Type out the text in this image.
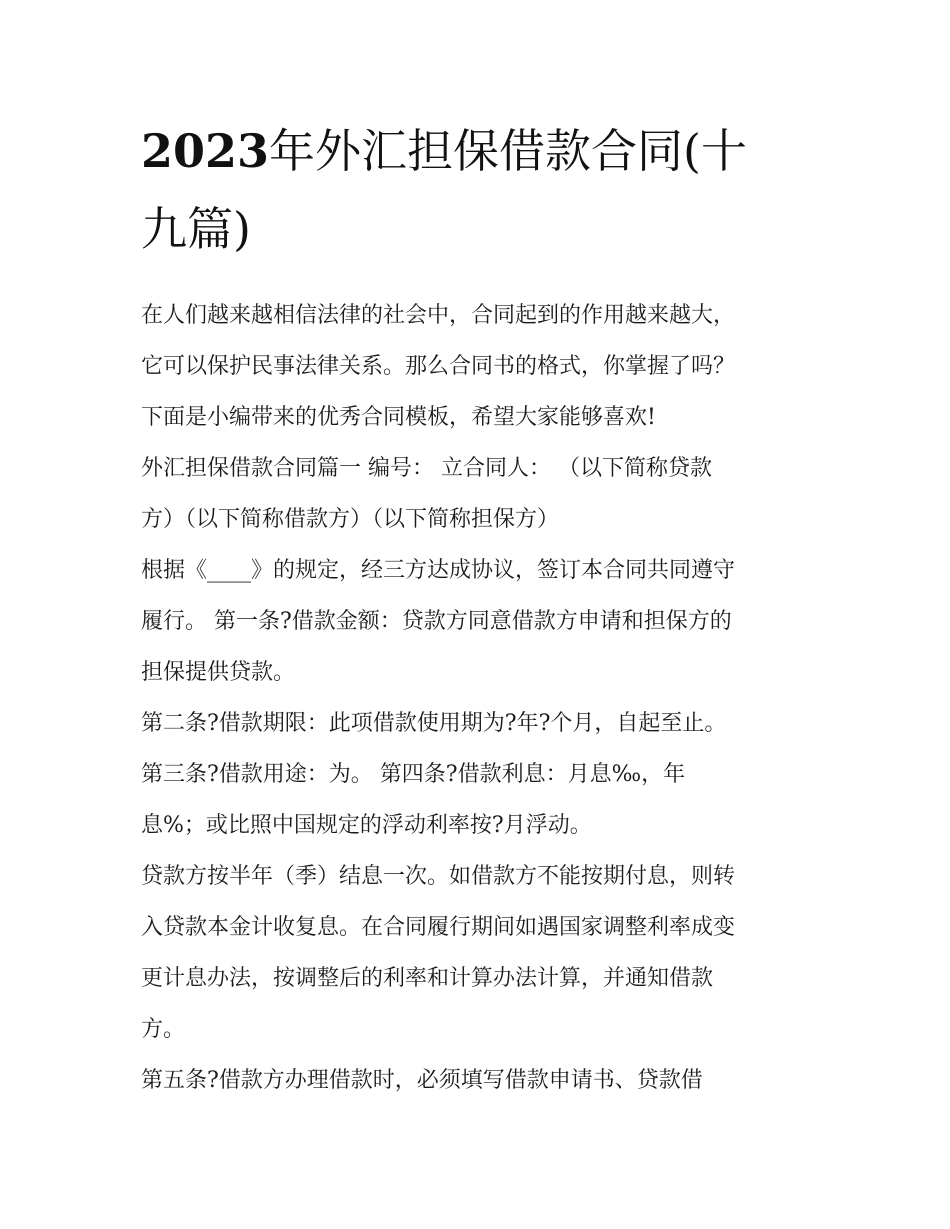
2023年外汇担保借款合同(十
九篇)

在人们越来越相信法律的社会中，合同起到的作用越来越大，
它可以保护民事法律关系。那么合同书的格式，你掌握了吗？
下面是小编带来的优秀合同模板，希望大家能够喜欢!

外汇担保借款合同篇一 编号： 立合同人： （以下简称贷款
方）（以下简称借款方）（以下简称担保方）

根据《____》的规定，经三方达成协议，签订本合同共同遵守
履行。 第一条?借款金额：贷款方同意借款方申请和担保方的
担保提供贷款。

第二条?借款期限：此项借款使用期为?年?个月，自起至止。

第三条?借款用途：为。 第四条?借款利息：月息‰，年
息%；或比照中国规定的浮动利率按?月浮动。

贷款方按半年（季）结息一次。如借款方不能按期付息，则转
入贷款本金计收复息。在合同履行期间如遇国家调整利率成变
更计息办法，按调整后的利率和计算办法计算，并通知借款
方。

第五条?借款方办理借款时，必须填写借款申请书、贷款借
